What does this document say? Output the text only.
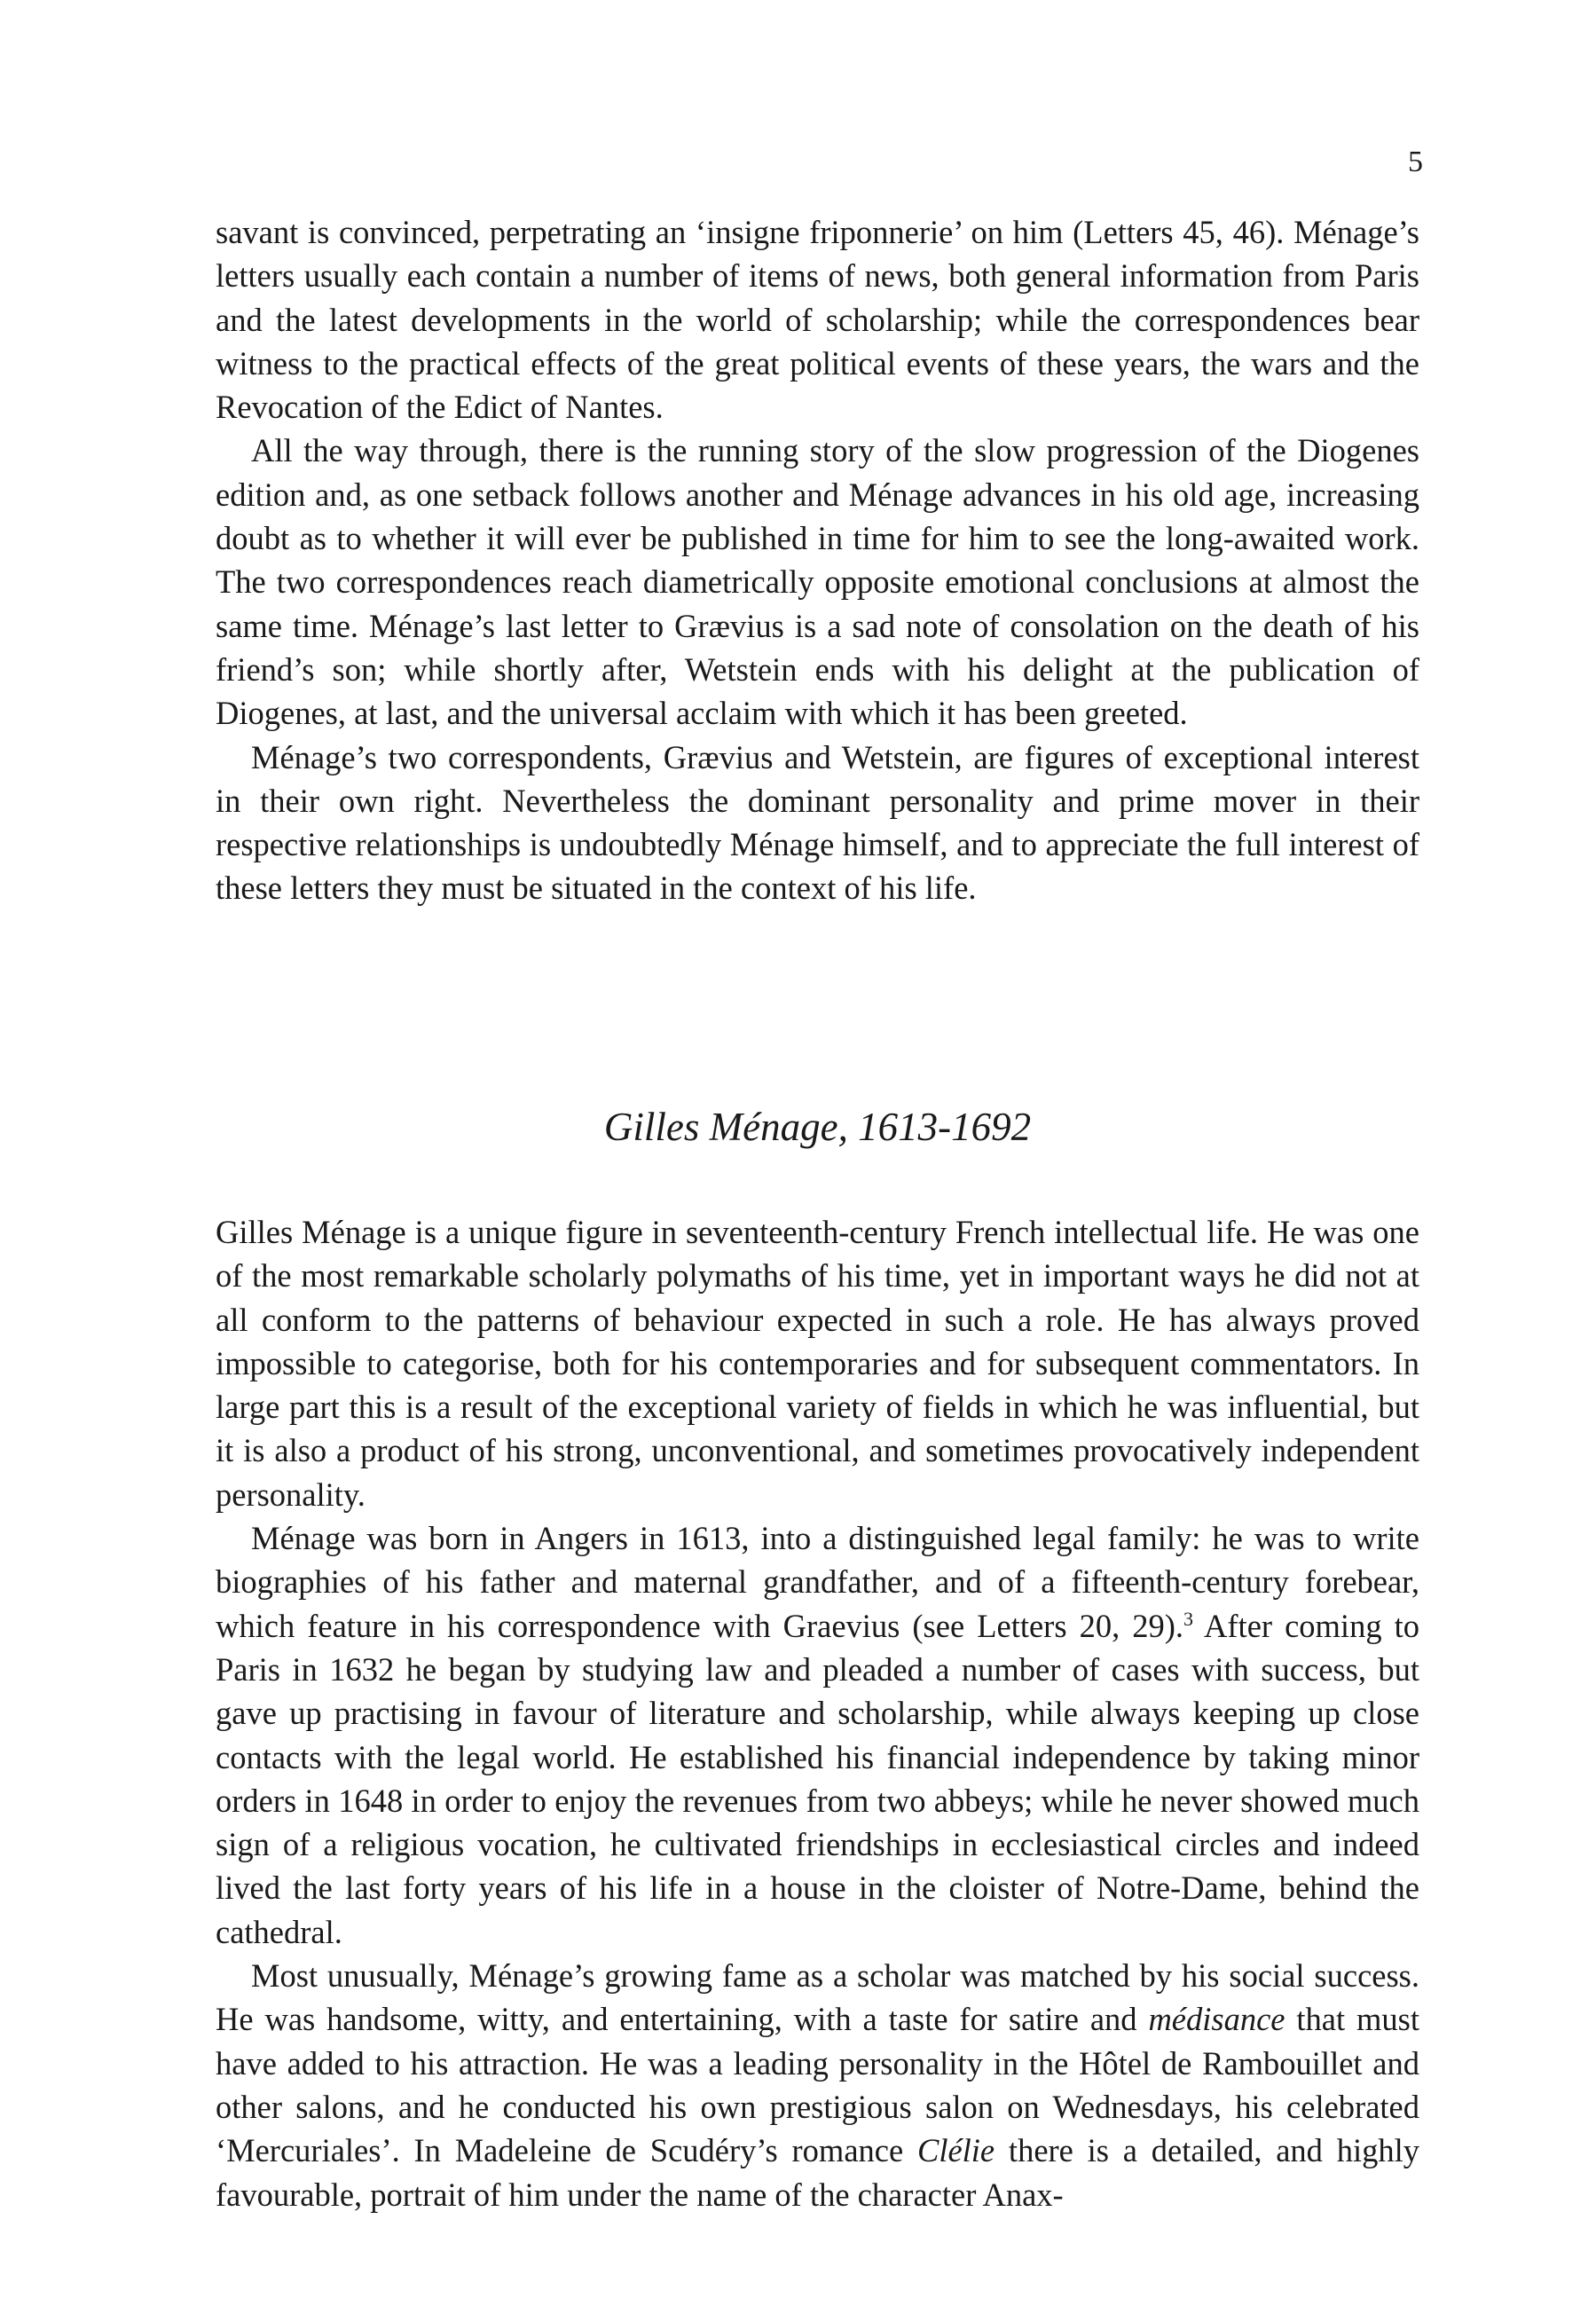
5

savant is convinced, perpetrating an ‘insigne friponnerie’ on him (Letters 45, 46). Ménage’s letters usually each contain a number of items of news, both general information from Paris and the latest developments in the world of scholarship; while the correspondences bear witness to the practical effects of the great political events of these years, the wars and the Revocation of the Edict of Nantes.

All the way through, there is the running story of the slow progression of the Diogenes edition and, as one setback follows another and Ménage advances in his old age, increasing doubt as to whether it will ever be published in time for him to see the long-awaited work. The two correspondences reach diametrically opposite emotional conclusions at almost the same time. Ménage’s last letter to Grævius is a sad note of consolation on the death of his friend’s son; while shortly after, Wetstein ends with his delight at the publication of Diogenes, at last, and the universal acclaim with which it has been greeted.

Ménage’s two correspondents, Grævius and Wetstein, are figures of exceptional interest in their own right. Nevertheless the dominant personality and prime mover in their respective relationships is undoubtedly Ménage himself, and to appreciate the full interest of these letters they must be situated in the context of his life.

Gilles Ménage, 1613-1692

Gilles Ménage is a unique figure in seventeenth-century French intellectual life. He was one of the most remarkable scholarly polymaths of his time, yet in important ways he did not at all conform to the patterns of behaviour expected in such a role. He has always proved impossible to categorise, both for his contemporaries and for subsequent commentators. In large part this is a result of the exceptional variety of fields in which he was influential, but it is also a product of his strong, unconventional, and sometimes provocatively independent personality.

Ménage was born in Angers in 1613, into a distinguished legal family: he was to write biographies of his father and maternal grandfather, and of a fifteenth-century forebear, which feature in his correspondence with Graevius (see Letters 20, 29).$^3$ After coming to Paris in 1632 he began by studying law and pleaded a number of cases with success, but gave up practising in favour of literature and scholarship, while always keeping up close contacts with the legal world. He established his financial independence by taking minor orders in 1648 in order to enjoy the revenues from two abbeys; while he never showed much sign of a religious vocation, he cultivated friendships in ecclesiastical circles and indeed lived the last forty years of his life in a house in the cloister of Notre-Dame, behind the cathedral.

Most unusually, Ménage’s growing fame as a scholar was matched by his social success. He was handsome, witty, and entertaining, with a taste for satire and médisance that must have added to his attraction. He was a leading personality in the Hôtel de Rambouillet and other salons, and he conducted his own prestigious salon on Wednesdays, his celebrated ‘Mercuriales’. In Madeleine de Scudéry’s romance Clélie there is a detailed, and highly favourable, portrait of him under the name of the character Anax-
